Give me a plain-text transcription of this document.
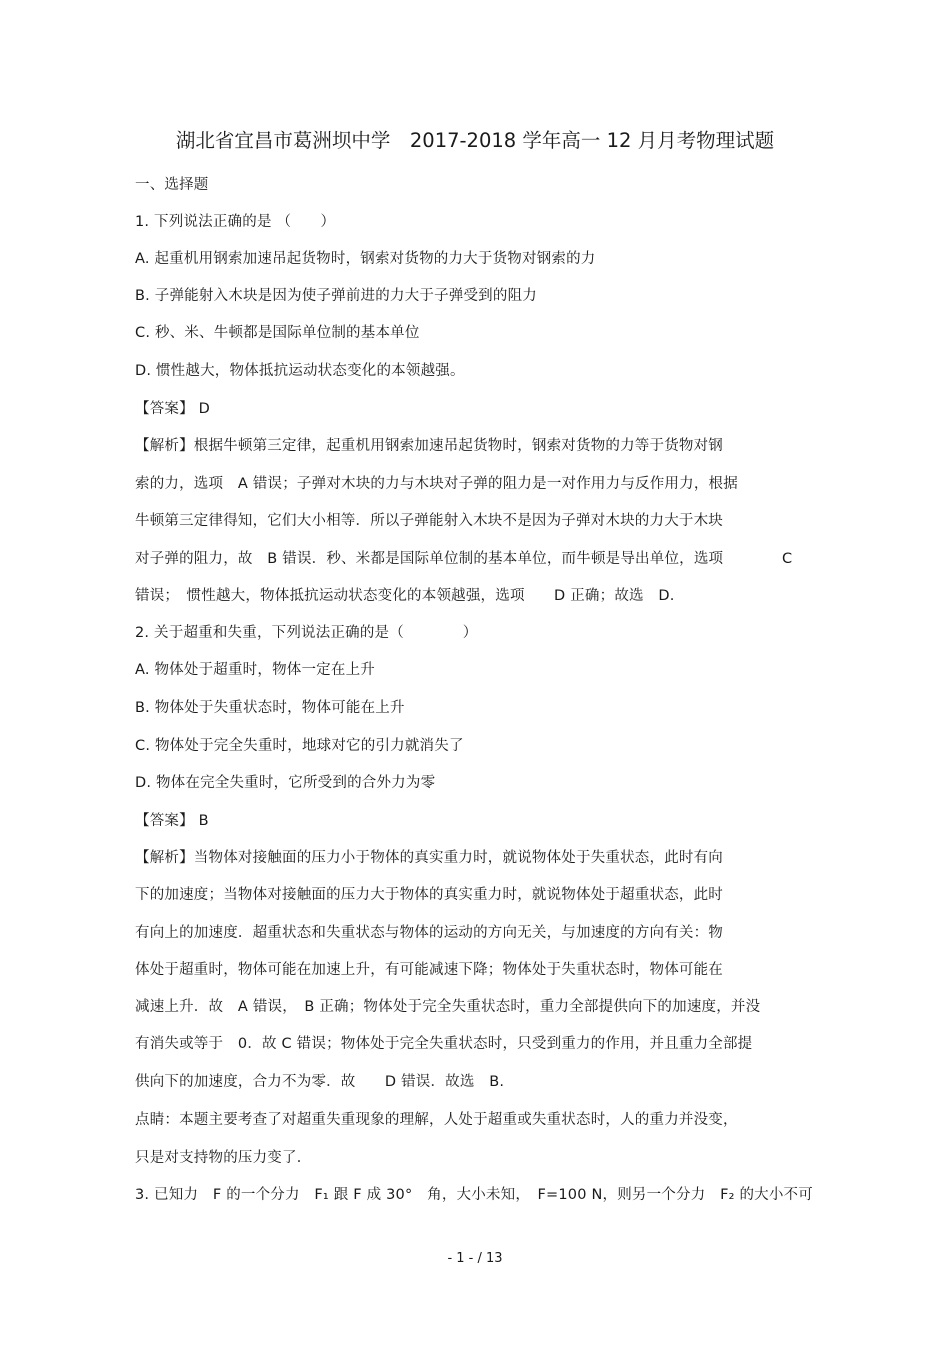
湖北省宜昌市葛洲坝中学　2017-2018 学年高一 12 月月考物理试题
一、选择题
1. 下列说法正确的是 （　　）
A. 起重机用钢索加速吊起货物时，钢索对货物的力大于货物对钢索的力
B. 子弹能射入木块是因为使子弹前进的力大于子弹受到的阻力
C. 秒、米、牛顿都是国际单位制的基本单位
D. 惯性越大，物体抵抗运动状态变化的本领越强。
【答案】 D
【解析】根据牛顿第三定律，起重机用钢索加速吊起货物时，钢索对货物的力等于货物对钢
索的力，选项　A 错误；子弹对木块的力与木块对子弹的阻力是一对作用力与反作用力，根据
牛顿第三定律得知，它们大小相等．所以子弹能射入木块不是因为子弹对木块的力大于木块
对子弹的阻力，故　B 错误．秒、米都是国际单位制的基本单位，而牛顿是导出单位，选项　　　　C
错误；　惯性越大，物体抵抗运动状态变化的本领越强，选项　　D 正确；故选　D.
2. 关于超重和失重，下列说法正确的是（　　　　）
A. 物体处于超重时，物体一定在上升
B. 物体处于失重状态时，物体可能在上升
C. 物体处于完全失重时，地球对它的引力就消失了
D. 物体在完全失重时，它所受到的合外力为零
【答案】 B
【解析】当物体对接触面的压力小于物体的真实重力时，就说物体处于失重状态，此时有向
下的加速度；当物体对接触面的压力大于物体的真实重力时，就说物体处于超重状态，此时
有向上的加速度．超重状态和失重状态与物体的运动的方向无关，与加速度的方向有关：物
体处于超重时，物体可能在加速上升，有可能减速下降；物体处于失重状态时，物体可能在
减速上升．故　A 错误，　B 正确；物体处于完全失重状态时，重力全部提供向下的加速度，并没
有消失或等于　0．故 C 错误；物体处于完全失重状态时，只受到重力的作用，并且重力全部提
供向下的加速度，合力不为零．故　　D 错误．故选　B.
点睛：本题主要考查了对超重失重现象的理解，人处于超重或失重状态时，人的重力并没变，
只是对支持物的压力变了．
3. 已知力　F 的一个分力　F₁ 跟 F 成 30°　角，大小未知，　F=100 N，则另一个分力　F₂ 的大小不可
- 1 - / 13
